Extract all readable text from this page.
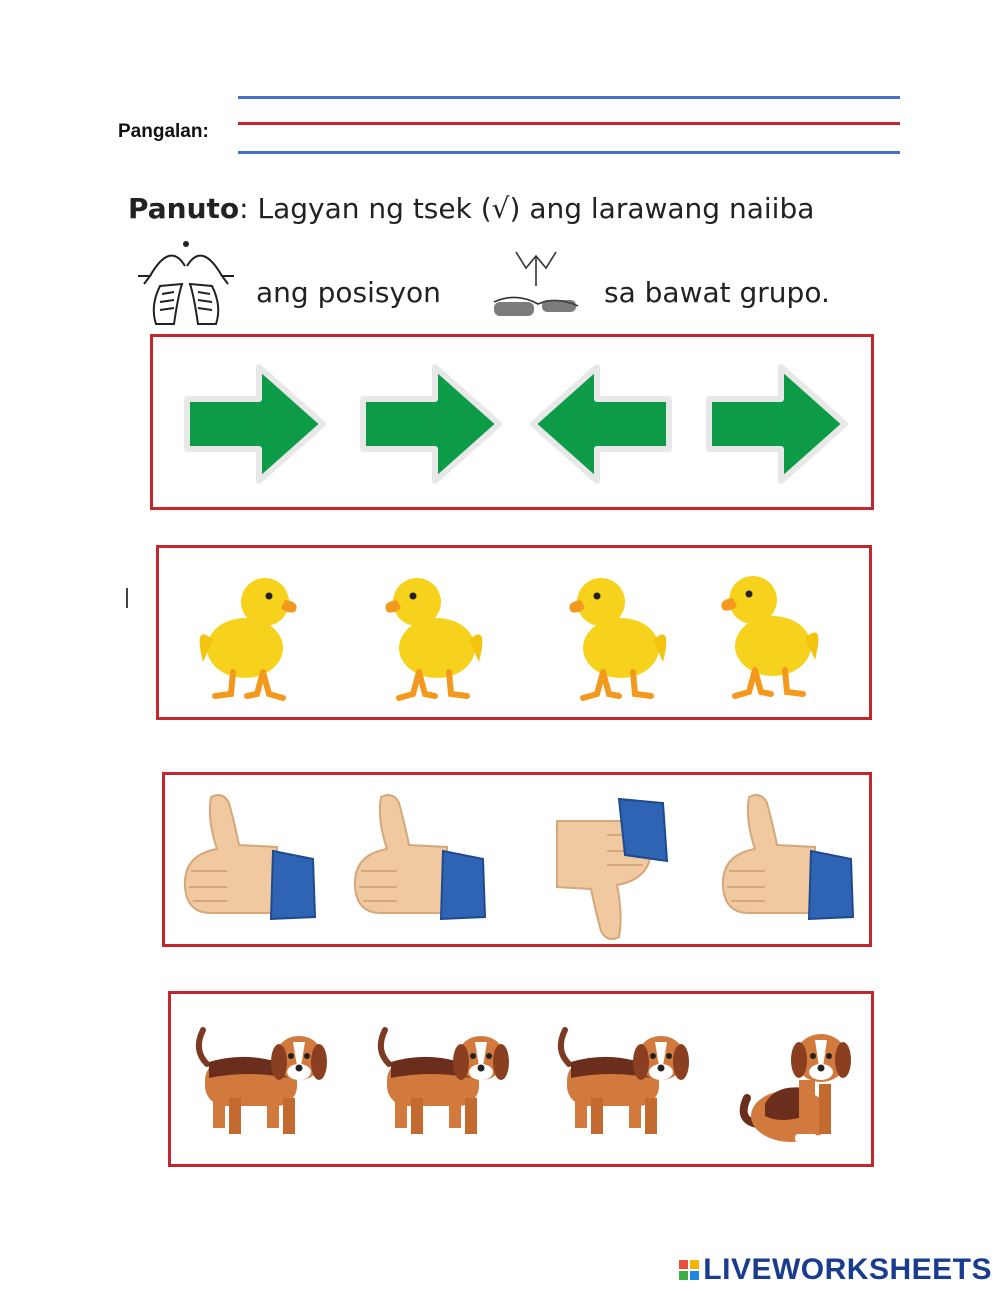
Pangalan:
Panuto: Lagyan ng tsek (√) ang larawang naiiba
ang posisyon	sa bawat grupo.
LIVEWORKSHEETS
